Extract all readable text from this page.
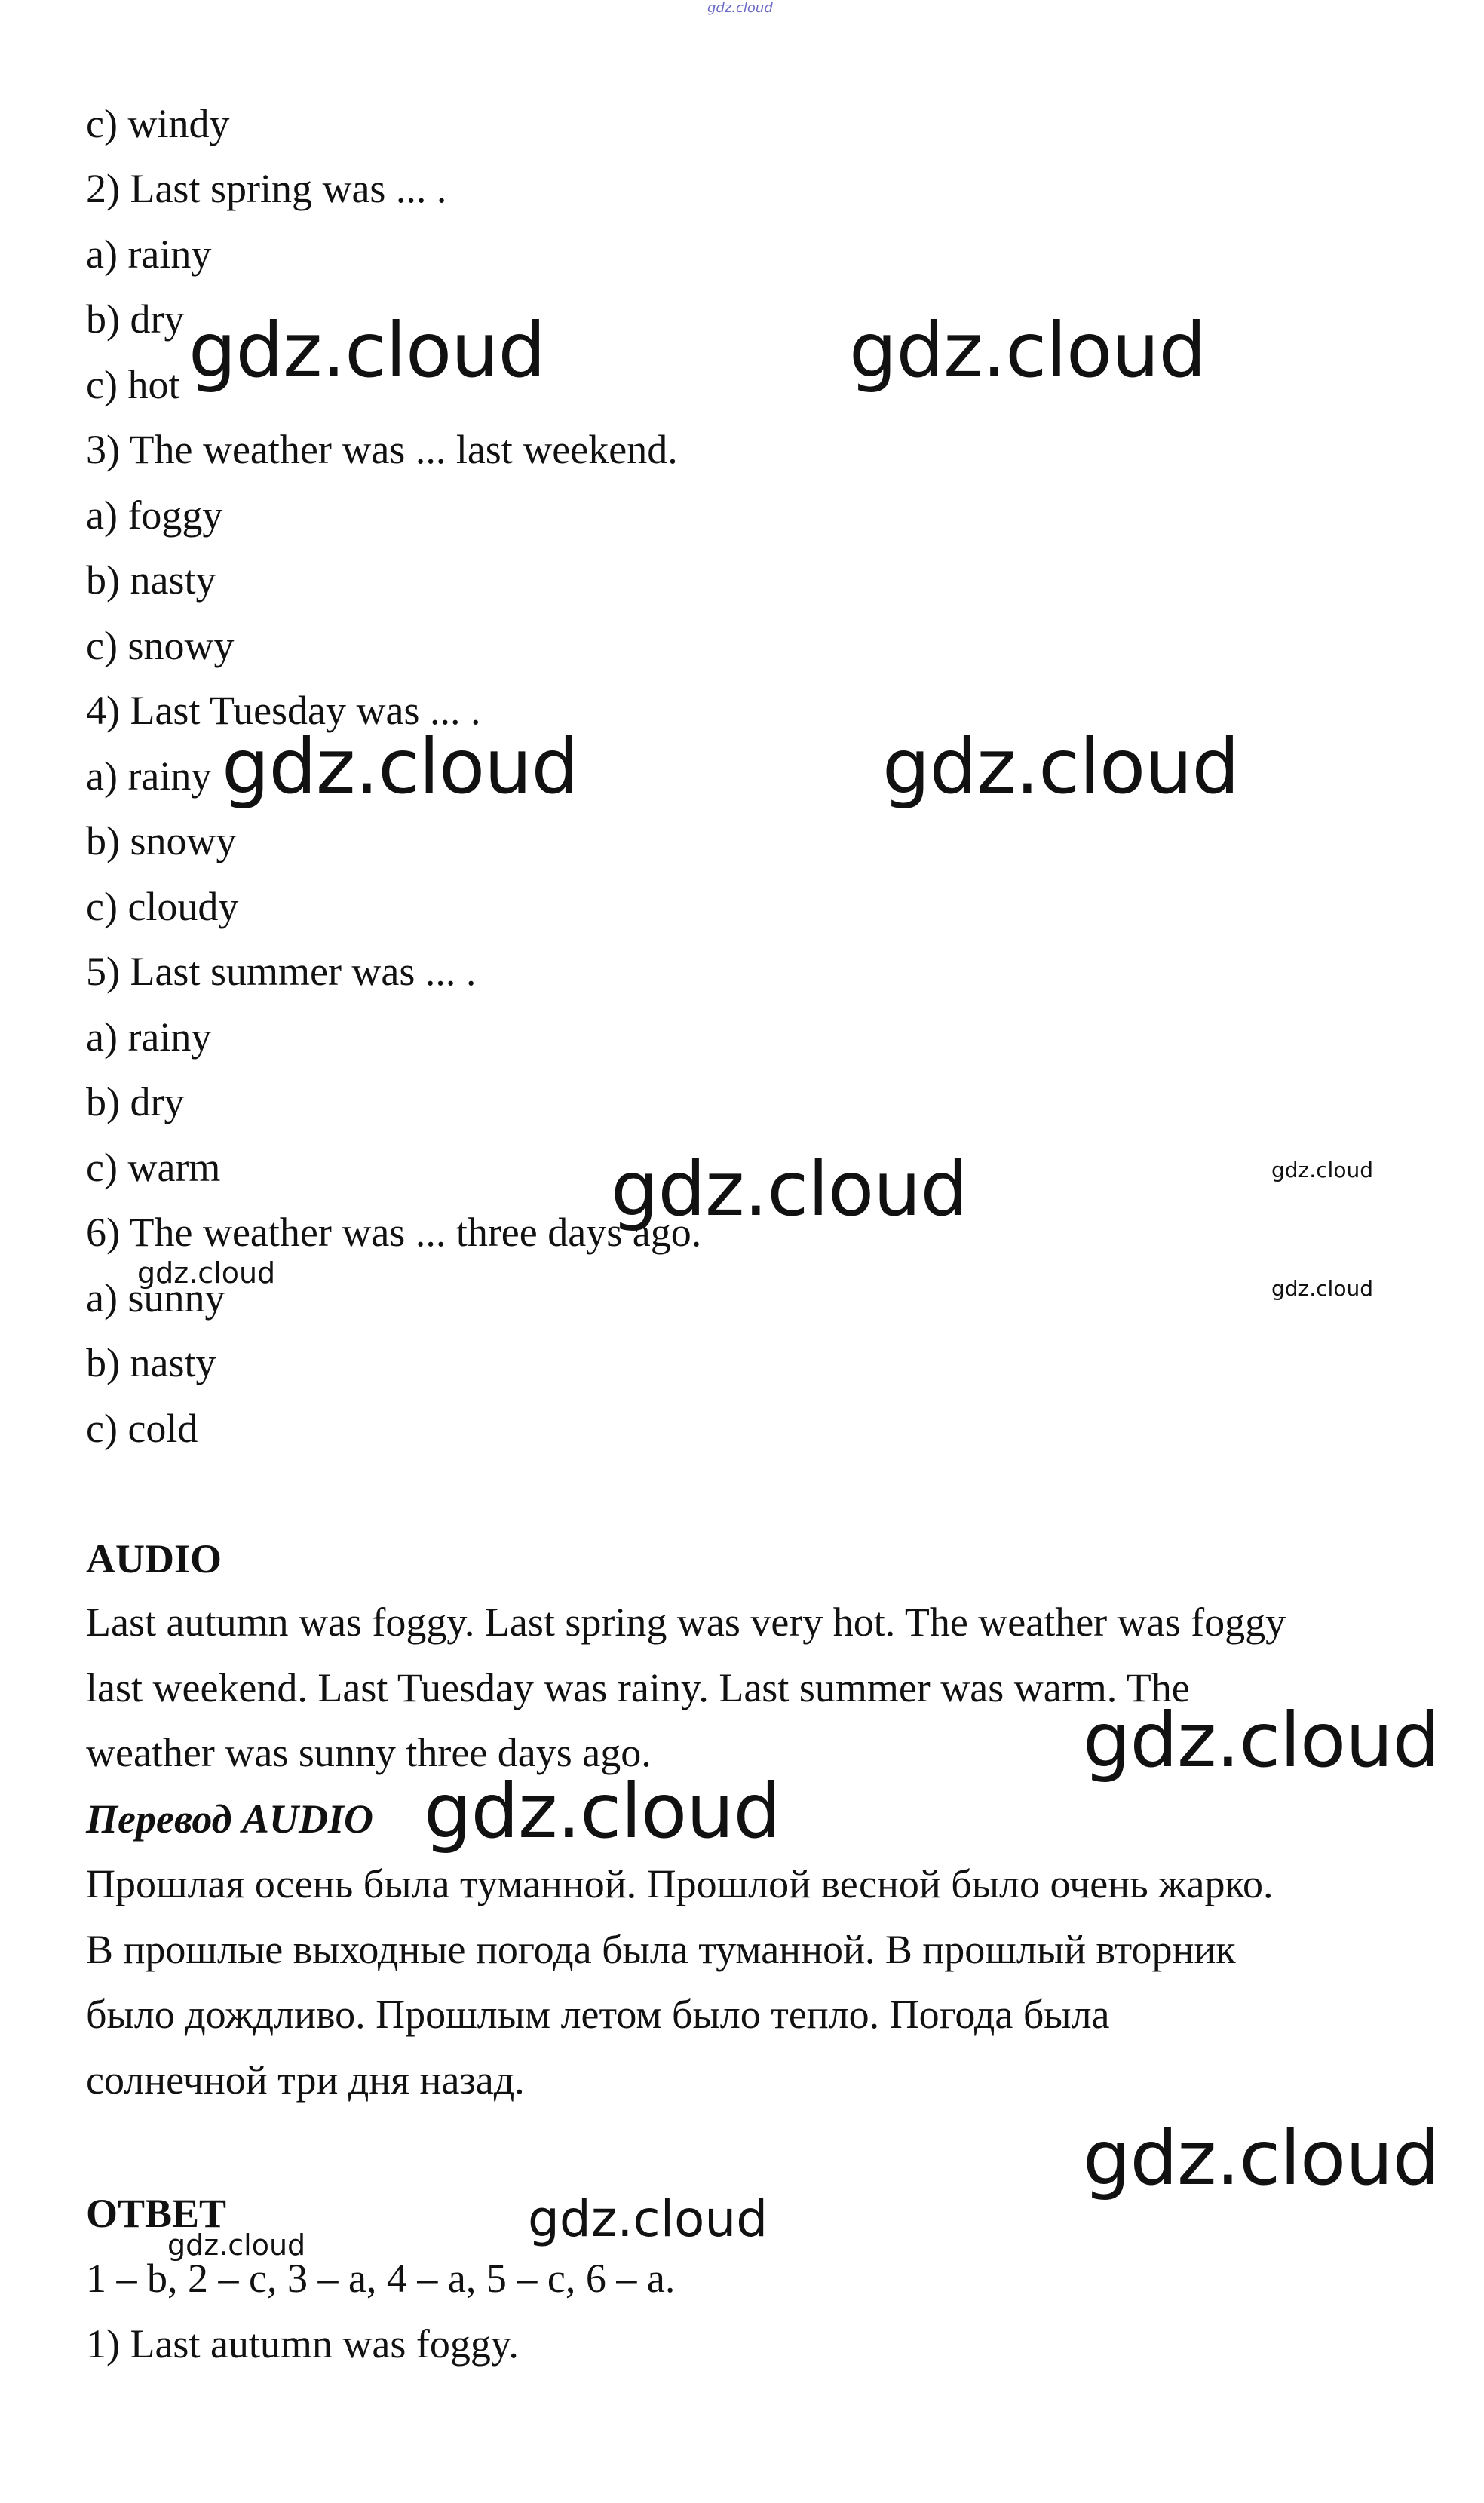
gdz.cloud
c) windy
2) Last spring was ... .
a) rainy
b) dry
c) hot
3) The weather was ... last weekend.
a) foggy
b) nasty
c) snowy
4) Last Tuesday was ... .
a) rainy
b) snowy
c) cloudy
5) Last summer was ... .
a) rainy
b) dry
c) warm
6) The weather was ... three days ago.
a) sunny
b) nasty
c) cold
AUDIO
Last autumn was foggy. Last spring was very hot. The weather was foggy
last weekend. Last Tuesday was rainy. Last summer was warm. The
weather was sunny three days ago.
Перевод AUDIO
Прошлая осень была туманной. Прошлой весной было очень жарко.
В прошлые выходные погода была туманной. В прошлый вторник
было дождливо. Прошлым летом было тепло. Погода была
солнечной три дня назад.
ОТВЕТ
1 – b, 2 – c, 3 – a, 4 – a, 5 – c, 6 – a.
1) Last autumn was foggy.
gdz.cloud	gdz.cloud
gdz.cloud	gdz.cloud
gdz.cloud	gdz.cloud
gdz.cloud	gdz.cloud
gdz.cloud
gdz.cloud
gdz.cloud
gdz.cloud
gdz.cloud
